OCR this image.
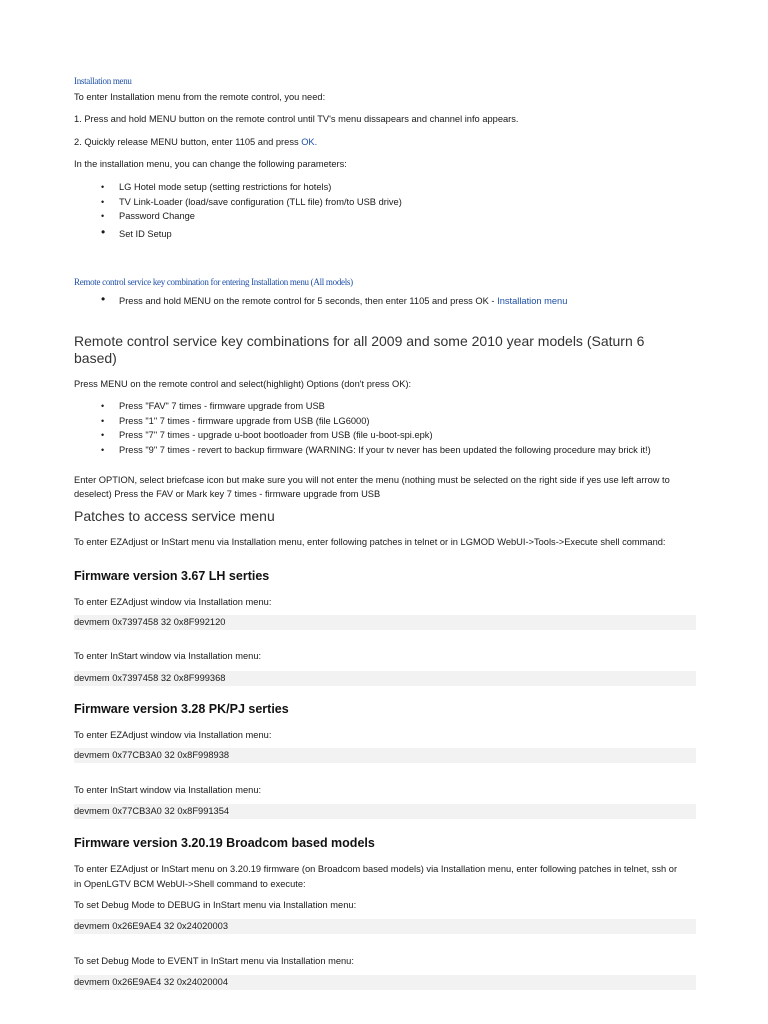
Installation menu
To enter Installation menu from the remote control, you need:
1. Press and hold MENU button on the remote control until TV's menu dissapears and channel info appears.
2. Quickly release MENU button, enter 1105 and press OK.
In the installation menu, you can change the following parameters:
• LG Hotel mode setup (setting restrictions for hotels)
• TV Link-Loader (load/save configuration (TLL file) from/to USB drive)
• Password Change
• Set ID Setup
Remote control service key combination for entering Installation menu (All models)
• Press and hold MENU on the remote control for 5 seconds, then enter 1105 and press OK - Installation menu
Remote control service key combinations for all 2009 and some 2010 year models (Saturn 6 based)
Press MENU on the remote control and select(highlight) Options (don't press OK):
• Press "FAV" 7 times - firmware upgrade from USB
• Press "1" 7 times - firmware upgrade from USB (file LG6000)
• Press "7" 7 times - upgrade u-boot bootloader from USB (file u-boot-spi.epk)
• Press "9" 7 times - revert to backup firmware (WARNING: If your tv never has been updated the following procedure may brick it!)
Enter OPTION, select briefcase icon but make sure you will not enter the menu (nothing must be selected on the right side if yes use left arrow to deselect) Press the FAV or Mark key 7 times - firmware upgrade from USB
Patches to access service menu
To enter EZAdjust or InStart menu via Installation menu, enter following patches in telnet or in LGMOD WebUI->Tools->Execute shell command:
Firmware version 3.67 LH serties
To enter EZAdjust window via Installation menu:
devmem 0x7397458 32 0x8F992120
To enter InStart window via Installation menu:
devmem 0x7397458 32 0x8F999368
Firmware version 3.28 PK/PJ serties
To enter EZAdjust window via Installation menu:
devmem 0x77CB3A0 32 0x8F998938
To enter InStart window via Installation menu:
devmem 0x77CB3A0 32 0x8F991354
Firmware version 3.20.19 Broadcom based models
To enter EZAdjust or InStart menu on 3.20.19 firmware (on Broadcom based models) via Installation menu, enter following patches in telnet, ssh or in OpenLGTV BCM WebUI->Shell command to execute:
To set Debug Mode to DEBUG in InStart menu via Installation menu:
devmem 0x26E9AE4 32 0x24020003
To set Debug Mode to EVENT in InStart menu via Installation menu:
devmem 0x26E9AE4 32 0x24020004
